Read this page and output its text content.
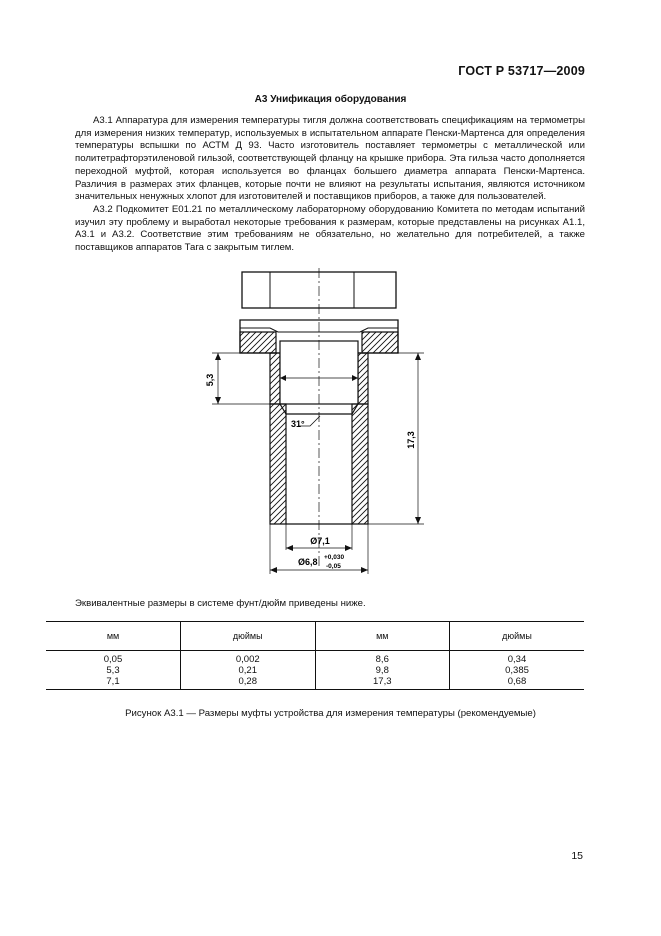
ГОСТ Р 53717—2009
А3 Унификация оборудования

А3.1 Аппаратура для измерения температуры тигля должна соответствовать спецификациям на термометры для измерения низких температур, используемых в испытательном аппарате Пенски-Мартенса для определения температуры вспышки по АСТМ Д 93. Часто изготовитель поставляет термометры с металлической или политетрафторэтиленовой гильзой, соответствующей фланцу на крышке прибора. Эта гильза часто дополняется переходной муфтой, которая используется во фланцах большего диаметра аппарата Пенски-Мартенса. Различия в размерах этих фланцев, которые почти не влияют на результаты испытания, являются источником значительных ненужных хлопот для изготовителей и поставщиков приборов, а также для пользователей.

А3.2 Подкомитет Е01.21 по металлическому лабораторному оборудованию Комитета по методам испытаний изучил эту проблему и выработал некоторые требования к размерам, которые представлены на рисунках А1.1, А3.1 и А3.2. Соответствие этим требованиям не обязательно, но желательно для потребителей, а также поставщиков аппаратов Тага с закрытым тиглем.

5,3
17,3
31°
Ø7,1
Ø6,8 +0,030
-0,05
Эквивалентные размеры в системе фунт/дюйм приведены ниже.
мм	дюймы	мм	дюймы
0,05	0,002	8,6	0,34
5,3	0,21	9,8	0,385
7,1	0,28	17,3	0,68
Рисунок А3.1 — Размеры муфты устройства для измерения температуры (рекомендуемые)
15
